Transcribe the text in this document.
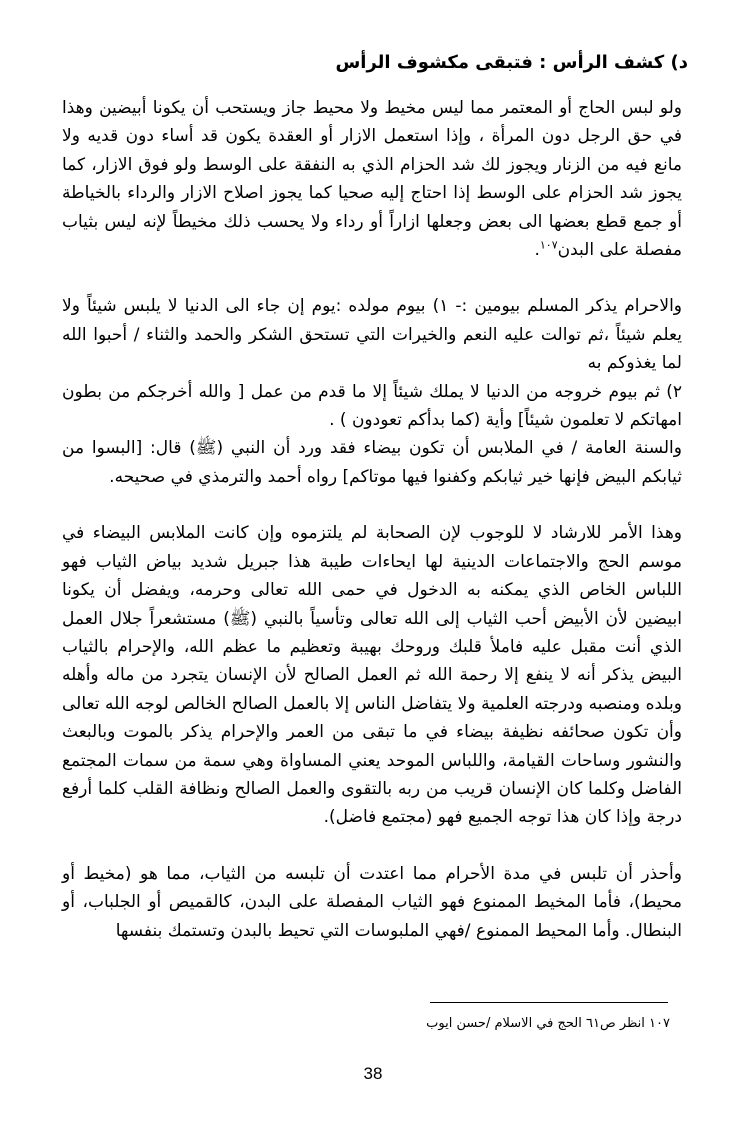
د) كشف الرأس : فتبقى مكشوف الرأس

ولو لبس الحاج أو المعتمر مما ليس مخيط ولا محيط جاز ويستحب أن يكونا أبيضين وهذا في حق الرجل دون المرأة ، وإذا استعمل الازار أو العقدة يكون قد أساء دون قديه ولا مانع فيه من الزنار ويجوز لك شد الحزام الذي به النفقة على الوسط ولو فوق الازار، كما يجوز شد الحزام على الوسط إذا احتاج إليه صحيا كما يجوز اصلاح الازار والرداء بالخياطة أو جمع قطع بعضها الى بعض وجعلها ازاراً أو رداء ولا يحسب ذلك مخيطاً لإنه ليس بثياب مفصلة على البدن$^{١٠٧}$.

والاحرام يذكر المسلم بيومين :- ١) بيوم مولده :يوم إن جاء الى الدنيا لا يلبس شيئاً ولا يعلم شيئاً ،ثم توالت عليه النعم والخيرات التي تستحق الشكر والحمد والثناء / أحبوا الله لما يغذوكم به

٢) ثم بيوم خروجه من الدنيا لا يملك شيئاً إلا ما قدم من عمل [ والله أخرجكم من بطون امهاتكم لا تعلمون شيئاً] وأية (كما بدأكم تعودون ) .

والسنة العامة / في الملابس أن تكون بيضاء فقد ورد أن النبي (ﷺ) قال: [البسوا من ثيابكم البيض فإنها خير ثيابكم وكفنوا فيها موتاكم] رواه أحمد والترمذي في صحيحه.

وهذا الأمر للارشاد لا للوجوب لإن الصحابة لم يلتزموه وإن كانت الملابس البيضاء في موسم الحج والاجتماعات الدينية لها ايحاءات طيبة هذا جبريل شديد بياض الثياب فهو اللباس الخاص الذي يمكنه به الدخول في حمى الله تعالى وحرمه، ويفضل أن يكونا ابيضين لأن الأبيض أحب الثياب إلى الله تعالى وتأسياً بالنبي (ﷺ) مستشعراً جلال العمل الذي أنت مقبل عليه فاملأ قلبك وروحك بهيبة وتعظيم ما عظم الله، والإحرام بالثياب البيض يذكر أنه لا ينفع إلا رحمة الله ثم العمل الصالح لأن الإنسان يتجرد من ماله وأهله وبلده ومنصبه ودرجته العلمية ولا يتفاضل الناس إلا بالعمل الصالح الخالص لوجه الله تعالى وأن تكون صحائفه نظيفة بيضاء في ما تبقى من العمر والإحرام يذكر بالموت وبالبعث والنشور وساحات القيامة، واللباس الموحد يعني المساواة وهي سمة من سمات المجتمع الفاضل وكلما كان الإنسان قريب من ربه بالتقوى والعمل الصالح ونظافة القلب كلما أرفع درجة وإذا كان هذا توجه الجميع فهو (مجتمع فاضل).

وأحذر أن تلبس في مدة الأحرام مما اعتدت أن تلبسه من الثياب، مما هو (مخيط أو محيط)، فأما المخيط الممنوع فهو الثياب المفصلة على البدن، كالقميص أو الجلباب، أو البنطال. وأما المحيط الممنوع /فهي الملبوسات التي تحيط بالبدن وتستمك بنفسها

١٠٧ انظر ص٦١ الحج في الاسلام /حسن ايوب
38
